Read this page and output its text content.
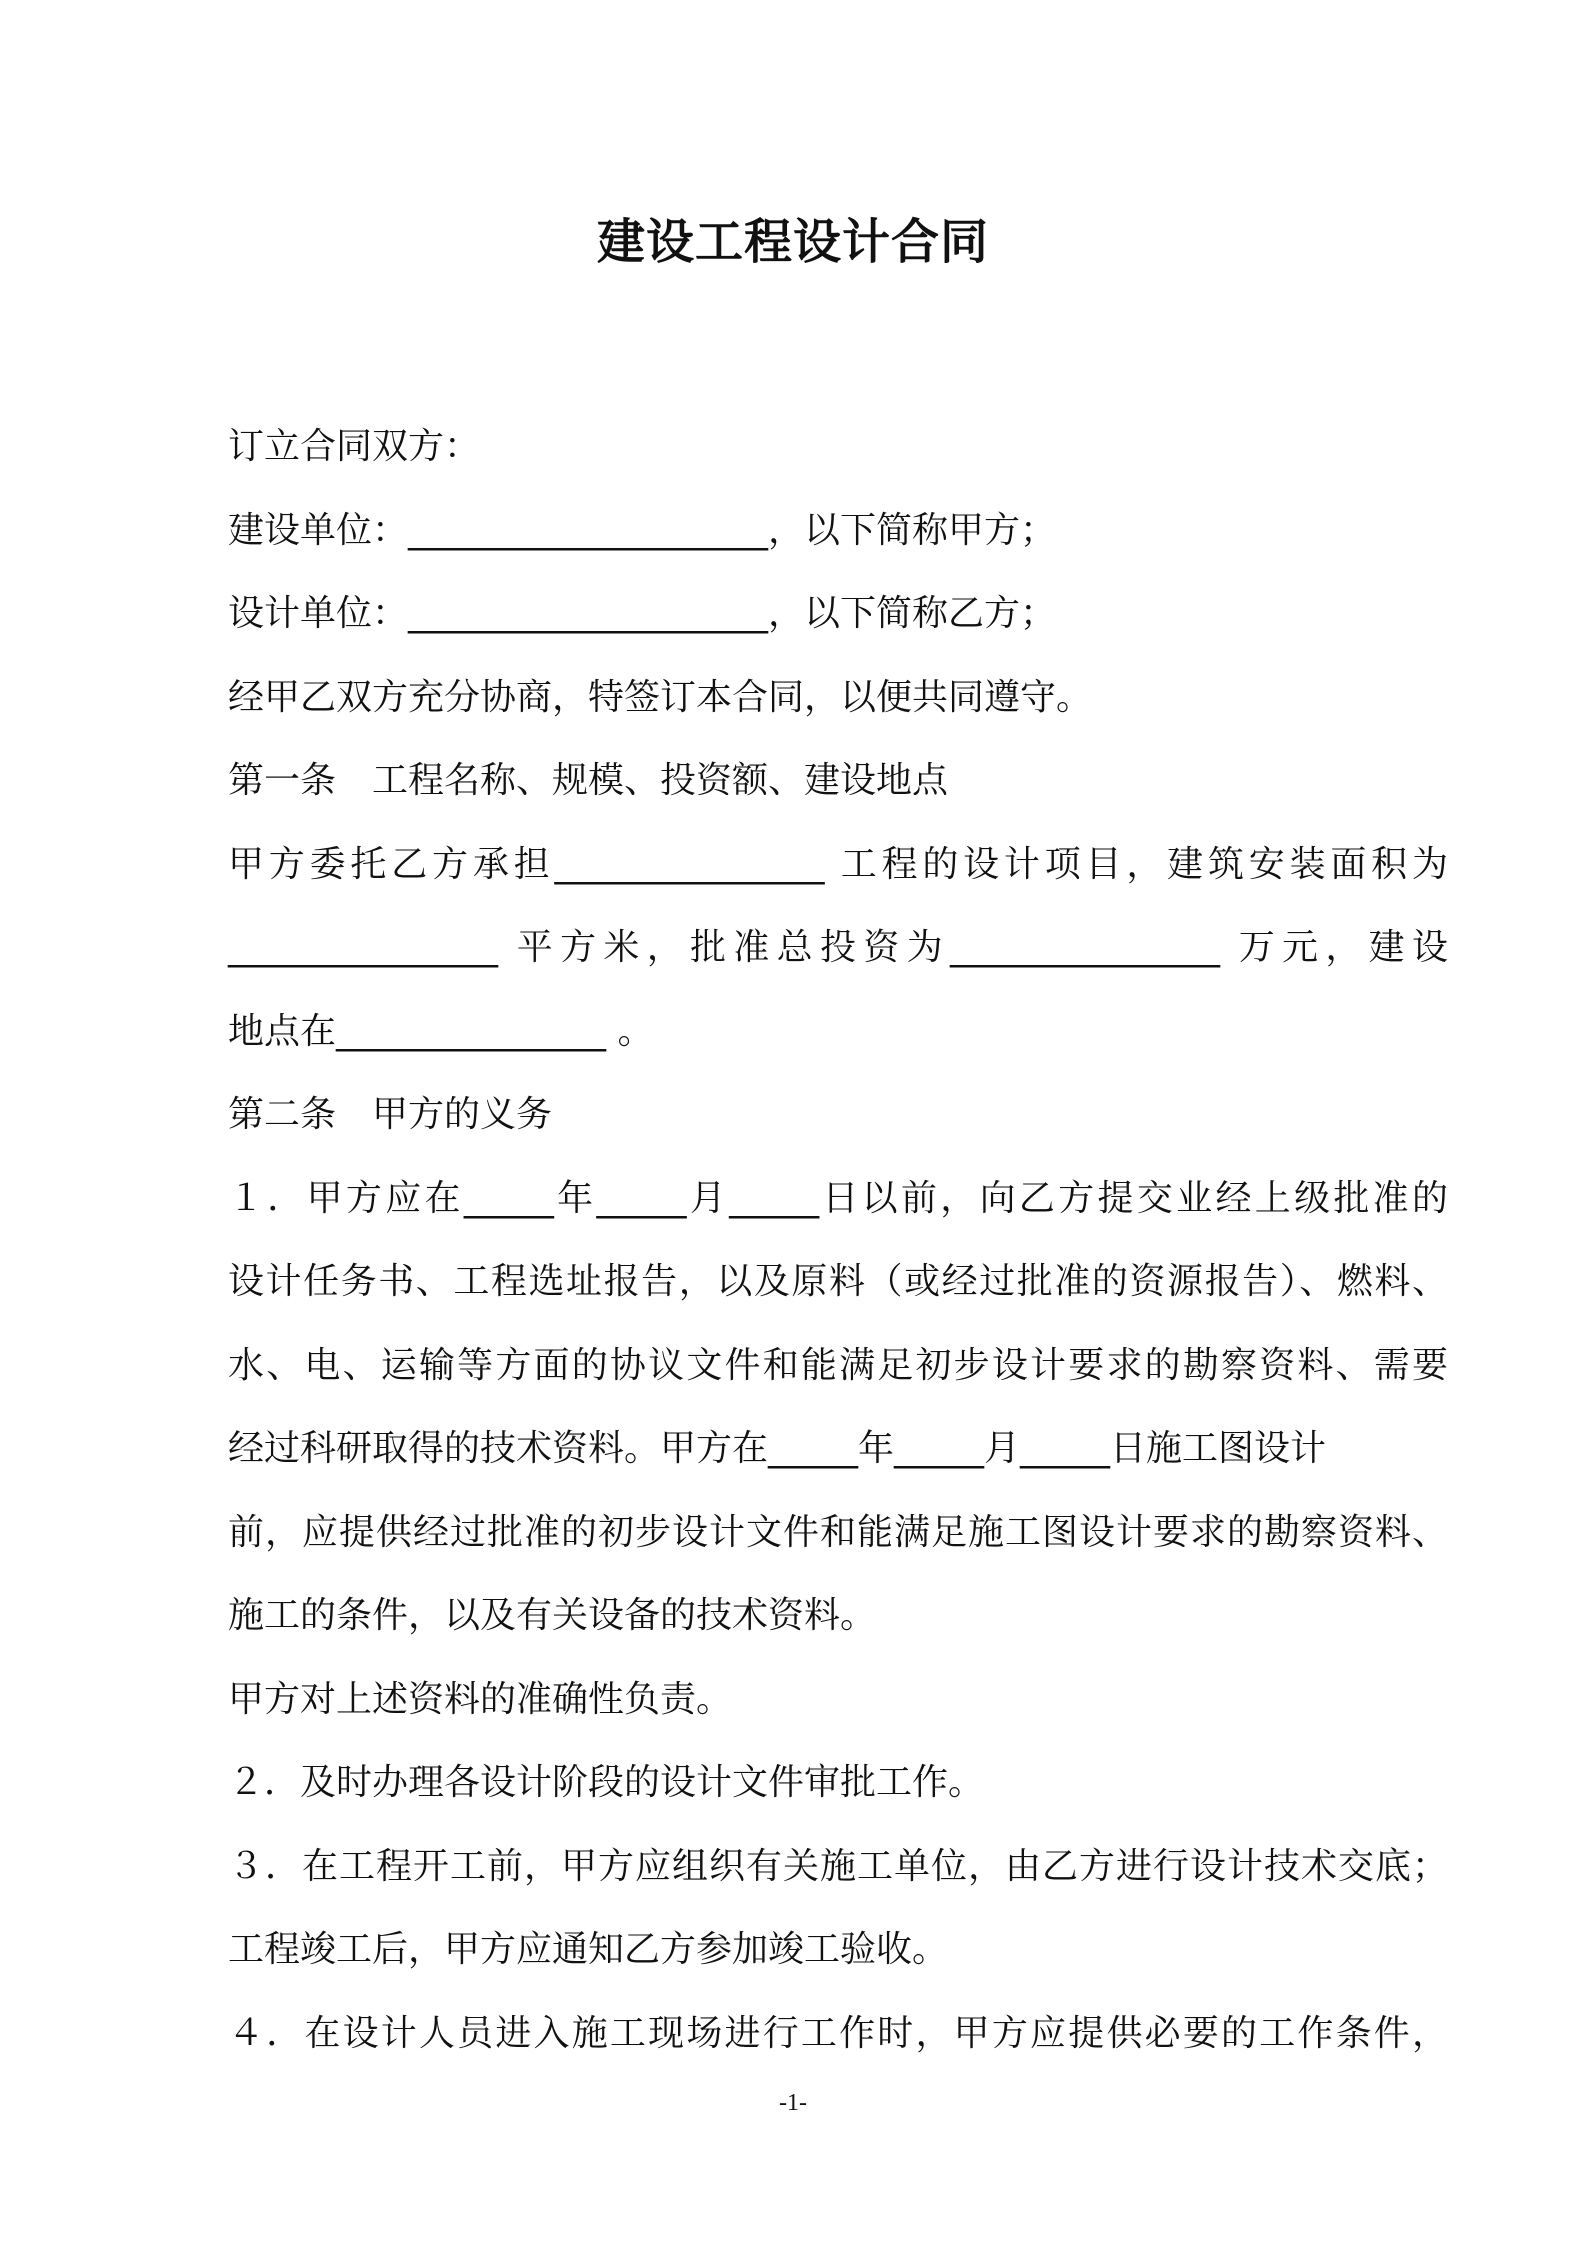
建设工程设计合同
订立合同双方：
建设单位：____________________，以下简称甲方；
设计单位：____________________，以下简称乙方；
经甲乙双方充分协商，特签订本合同，以便共同遵守。
第一条　工程名称、规模、投资额、建设地点
甲方委托乙方承担_______________ 工程的设计项目，建筑安装面积为
_______________ 平方米，批准总投资为_______________ 万元，建设
地点在_______________ 。
第二条　甲方的义务
１．甲方应在_____年_____月_____日以前，向乙方提交业经上级批准的
设计任务书、工程选址报告，以及原料（或经过批准的资源报告）、燃料、
水、电、运输等方面的协议文件和能满足初步设计要求的勘察资料、需要
经过科研取得的技术资料。甲方在_____年_____月_____日施工图设计
前，应提供经过批准的初步设计文件和能满足施工图设计要求的勘察资料、
施工的条件，以及有关设备的技术资料。
甲方对上述资料的准确性负责。
２．及时办理各设计阶段的设计文件审批工作。
３．在工程开工前，甲方应组织有关施工单位，由乙方进行设计技术交底；
工程竣工后，甲方应通知乙方参加竣工验收。
４．在设计人员进入施工现场进行工作时，甲方应提供必要的工作条件，
-1-
